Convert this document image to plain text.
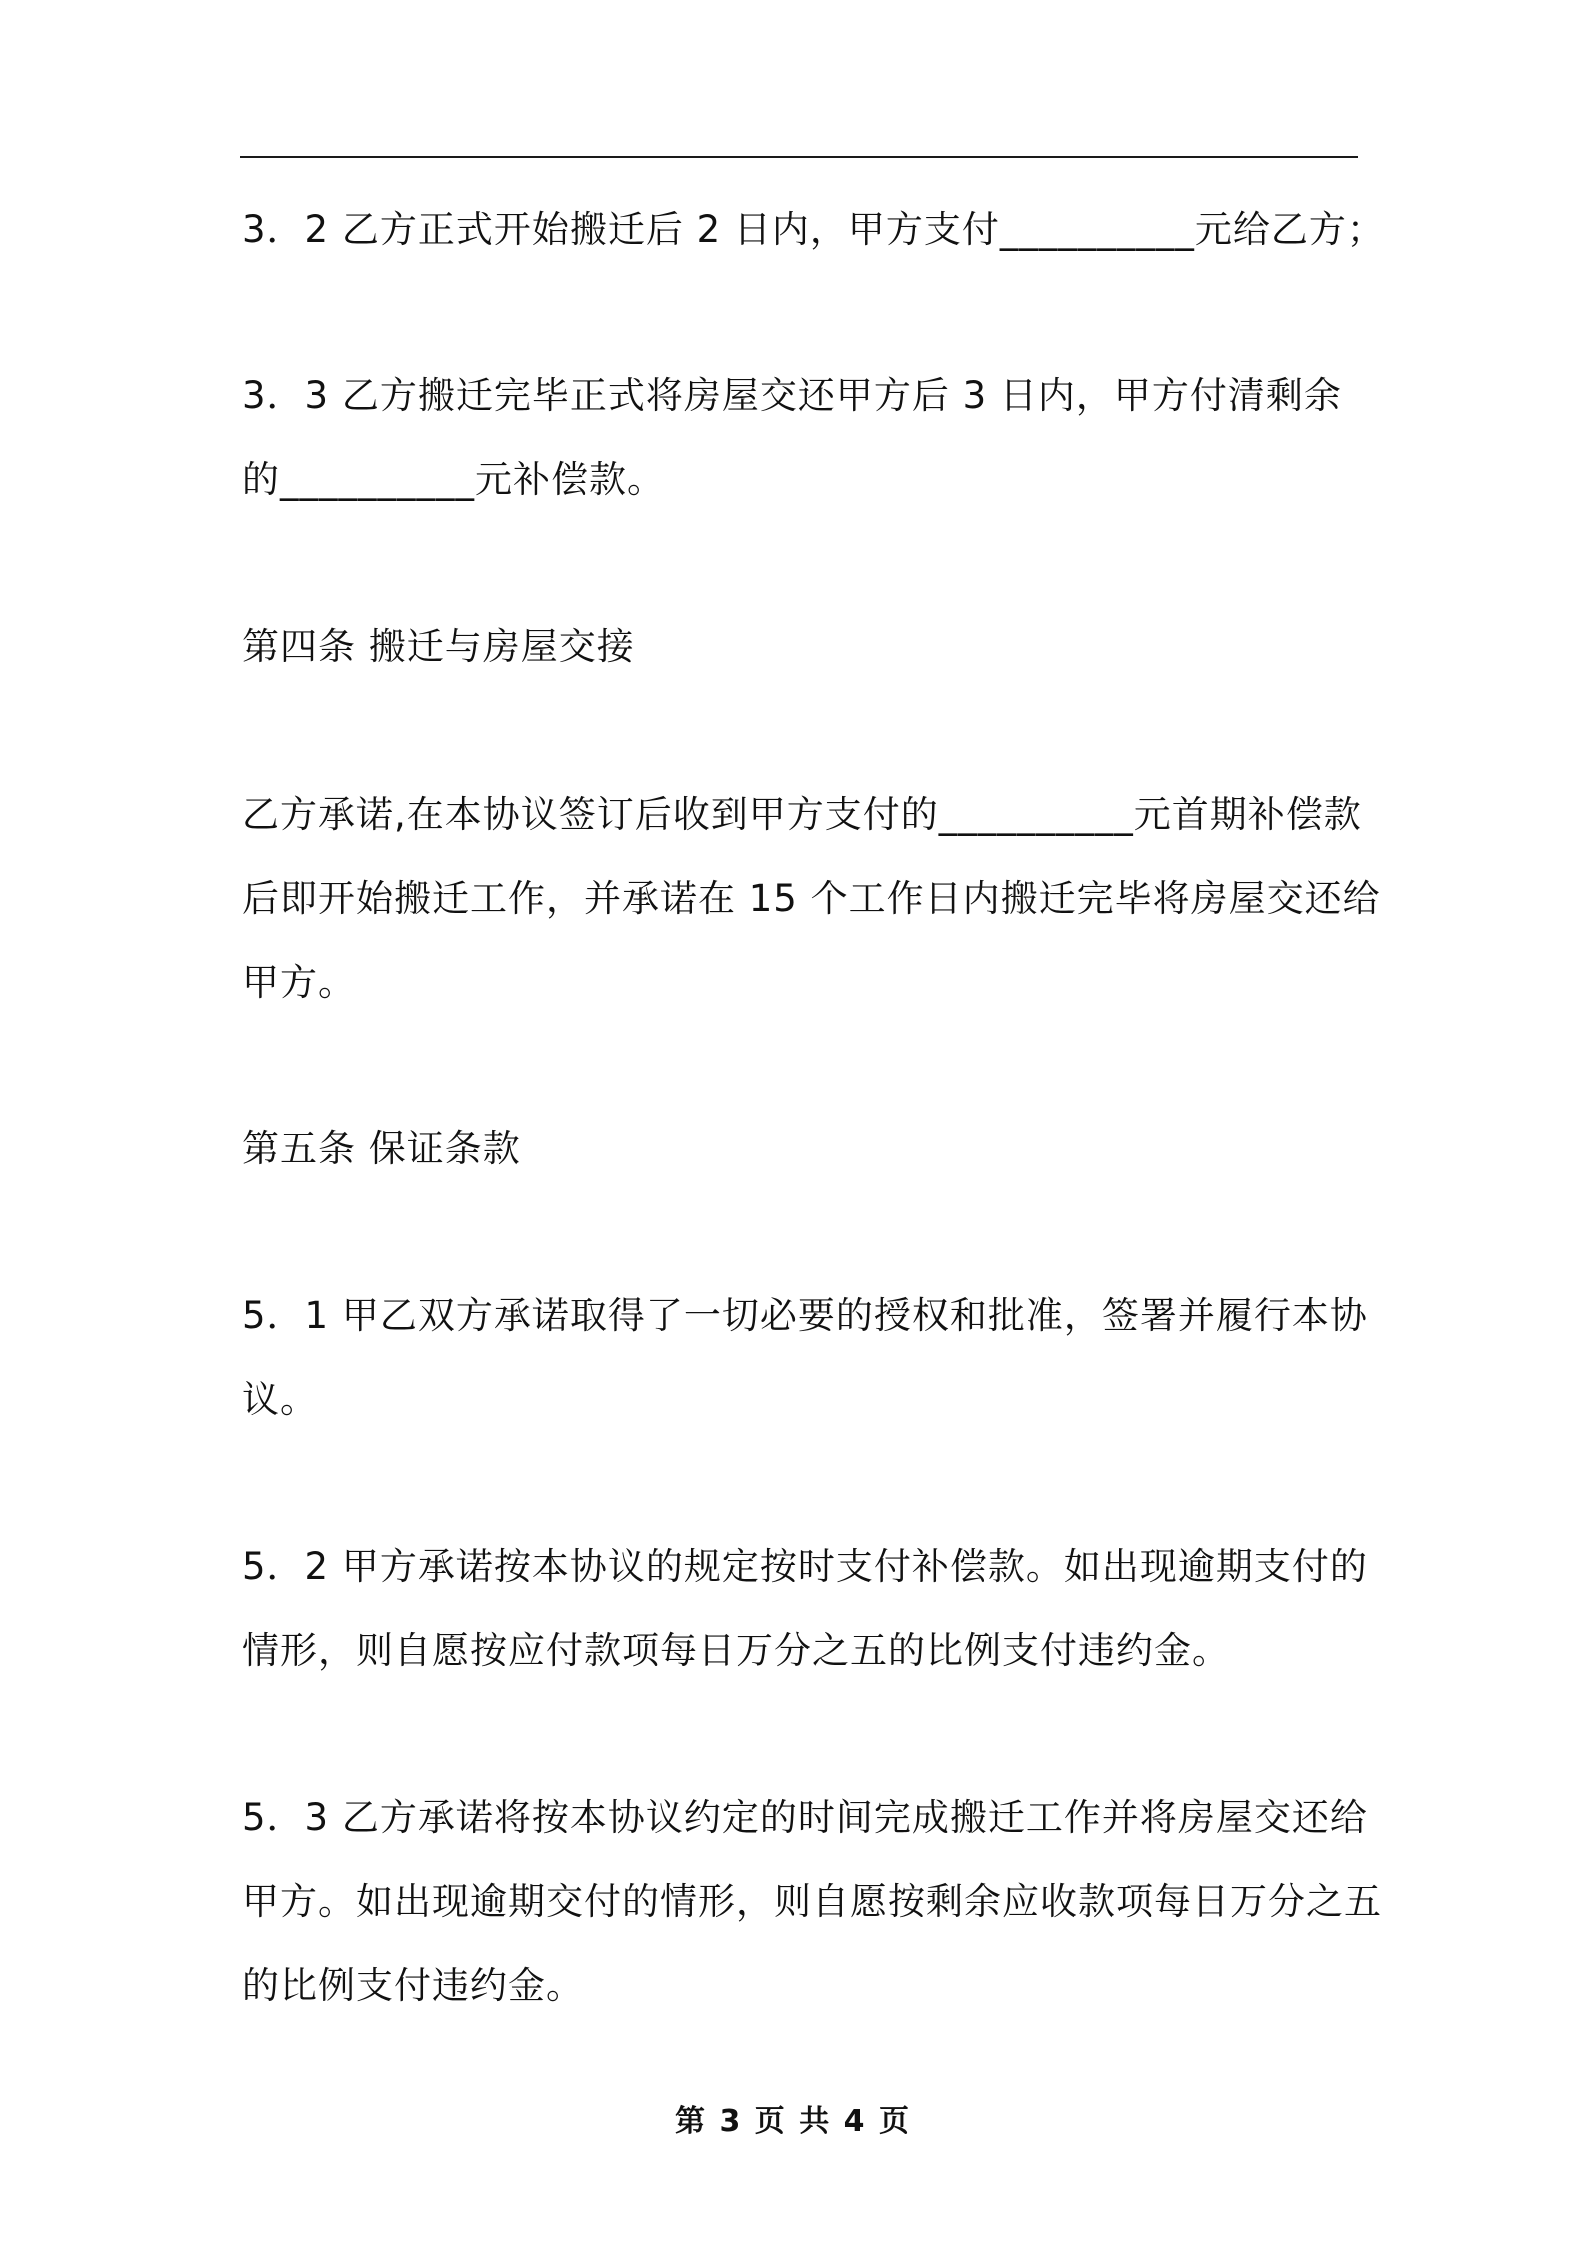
3．2 乙方正式开始搬迁后 2 日内，甲方支付__________元给乙方；
3．3 乙方搬迁完毕正式将房屋交还甲方后 3 日内，甲方付清剩余
的__________元补偿款。
第四条 搬迁与房屋交接
乙方承诺,在本协议签订后收到甲方支付的__________元首期补偿款
后即开始搬迁工作，并承诺在 15 个工作日内搬迁完毕将房屋交还给
甲方。
第五条 保证条款
5．1 甲乙双方承诺取得了一切必要的授权和批准，签署并履行本协
议。
5．2 甲方承诺按本协议的规定按时支付补偿款。如出现逾期支付的
情形，则自愿按应付款项每日万分之五的比例支付违约金。
5．3 乙方承诺将按本协议约定的时间完成搬迁工作并将房屋交还给
甲方。如出现逾期交付的情形，则自愿按剩余应收款项每日万分之五
的比例支付违约金。
第 3 页 共 4 页
